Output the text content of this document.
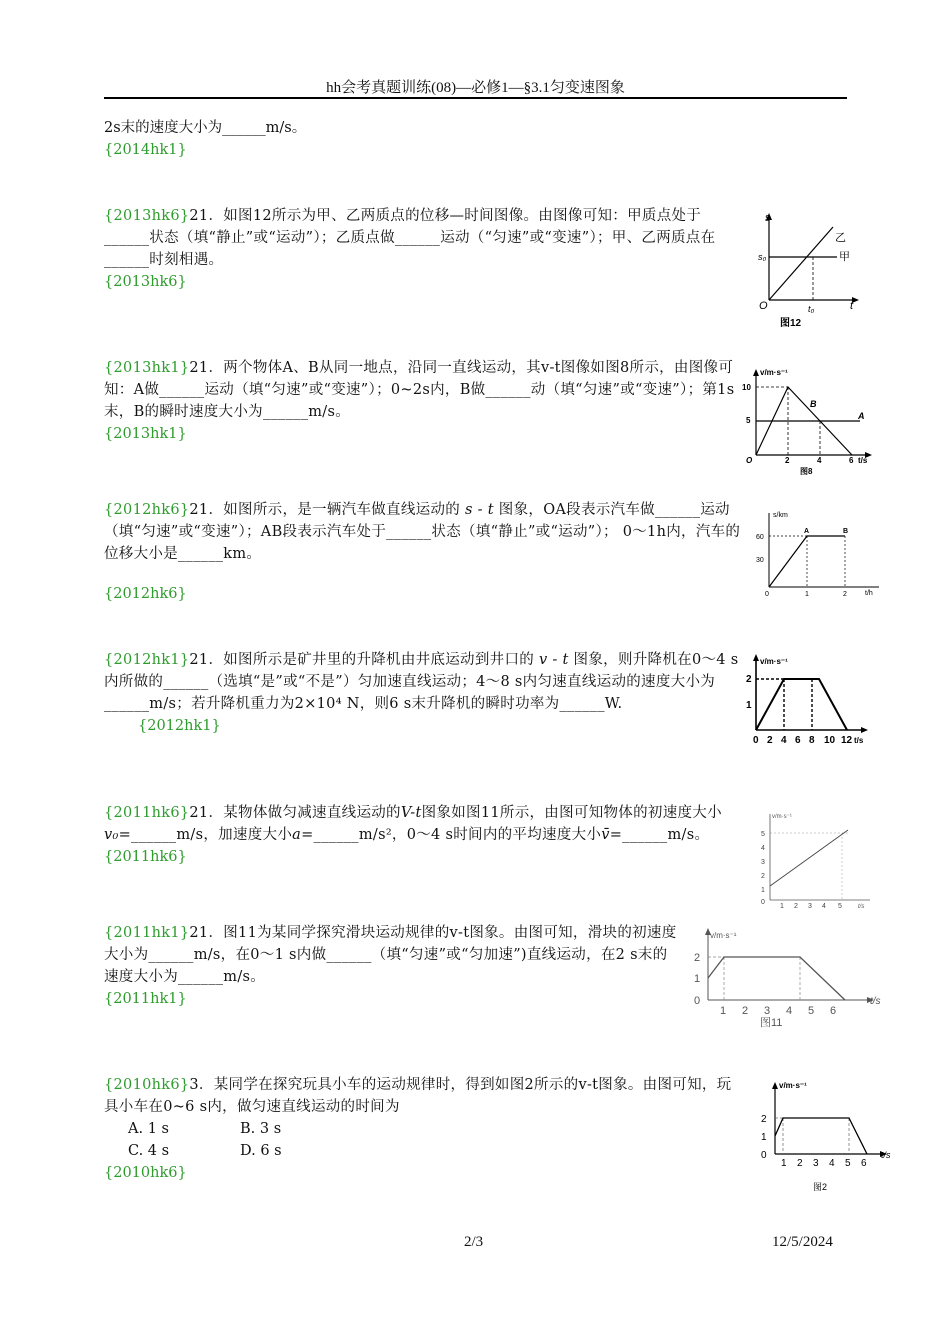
hh会考真题训练(08)—必修1—§3.1匀变速图象
2s末的速度大小为______m/s。
{2014hk1}
{2013hk6}21．如图12所示为甲、乙两质点的位移—时间图像。由图像可知：甲质点处于______状态（填“静止”或“运动”）；乙质点做______运动（“匀速”或“变速”）；甲、乙两质点在______时刻相遇。
{2013hk6}
s
s₀	甲
乙
O	t₀	t
图12
{2013hk1}21．两个物体A、B从同一地点，沿同一直线运动，其v-t图像如图8所示，由图像可知：A做______运动（填“匀速”或“变速”）；0~2s内，B做______动（填“匀速”或“变速”）；第1s末，B的瞬时速度大小为______m/s。
{2013hk1}
v/m·s⁻¹
10
5	A
B
O	2	4	6 t/s
图8
{2012hk6}21．如图所示，是一辆汽车做直线运动的 s - t 图象，OA段表示汽车做______运动（填“匀速”或“变速”）；AB段表示汽车处于______状态（填“静止”或“运动”）； 0～1h内，汽车的位移大小是______km。
{2012hk6}
s/km
60
30
A	B
0	1	2	t/h
{2012hk1}21．如图所示是矿井里的升降机由井底运动到井口的 v - t 图象，则升降机在0～4 s内所做的______（选填“是”或“不是”）匀加速直线运动；4～8 s内匀速直线运动的速度大小为______m/s；若升降机重力为2×10⁴ N，则6 s末升降机的瞬时功率为______W.
{2012hk1}
v/m·s⁻¹
2
1
0 2 4 6 8 10 12 t/s
{2011hk6}21．某物体做匀减速直线运动的V-t图象如图11所示，由图可知物体的初速度大小v₀=______m/s，加速度大小a=______m/s²，0～4 s时间内的平均速度大小v̄=______m/s。
{2011hk6}
v/m·s⁻¹
5
4
3
2
1
0
1 2 3 4 5	t/s
{2011hk1}21．图11为某同学探究滑块运动规律的v-t图象。由图可知，滑块的初速度大小为______m/s，在0～1 s内做______（填“匀速”或“匀加速”)直线运动，在2 s末的速度大小为______m/s。
{2011hk1}
v/m·s⁻¹
2
1
0
1 2 3 4 5 6
t/s
图11
{2010hk6}3．某同学在探究玩具小车的运动规律时，得到如图2所示的v-t图象。由图可知，玩具小车在0~6 s内，做匀速直线运动的时间为
A. 1 s	B. 3 s
C. 4 s	D. 6 s
{2010hk6}
v/m·s⁻¹
2
1
0
1 2 3 4 5 6
t/s
图2
2/3	12/5/2024
